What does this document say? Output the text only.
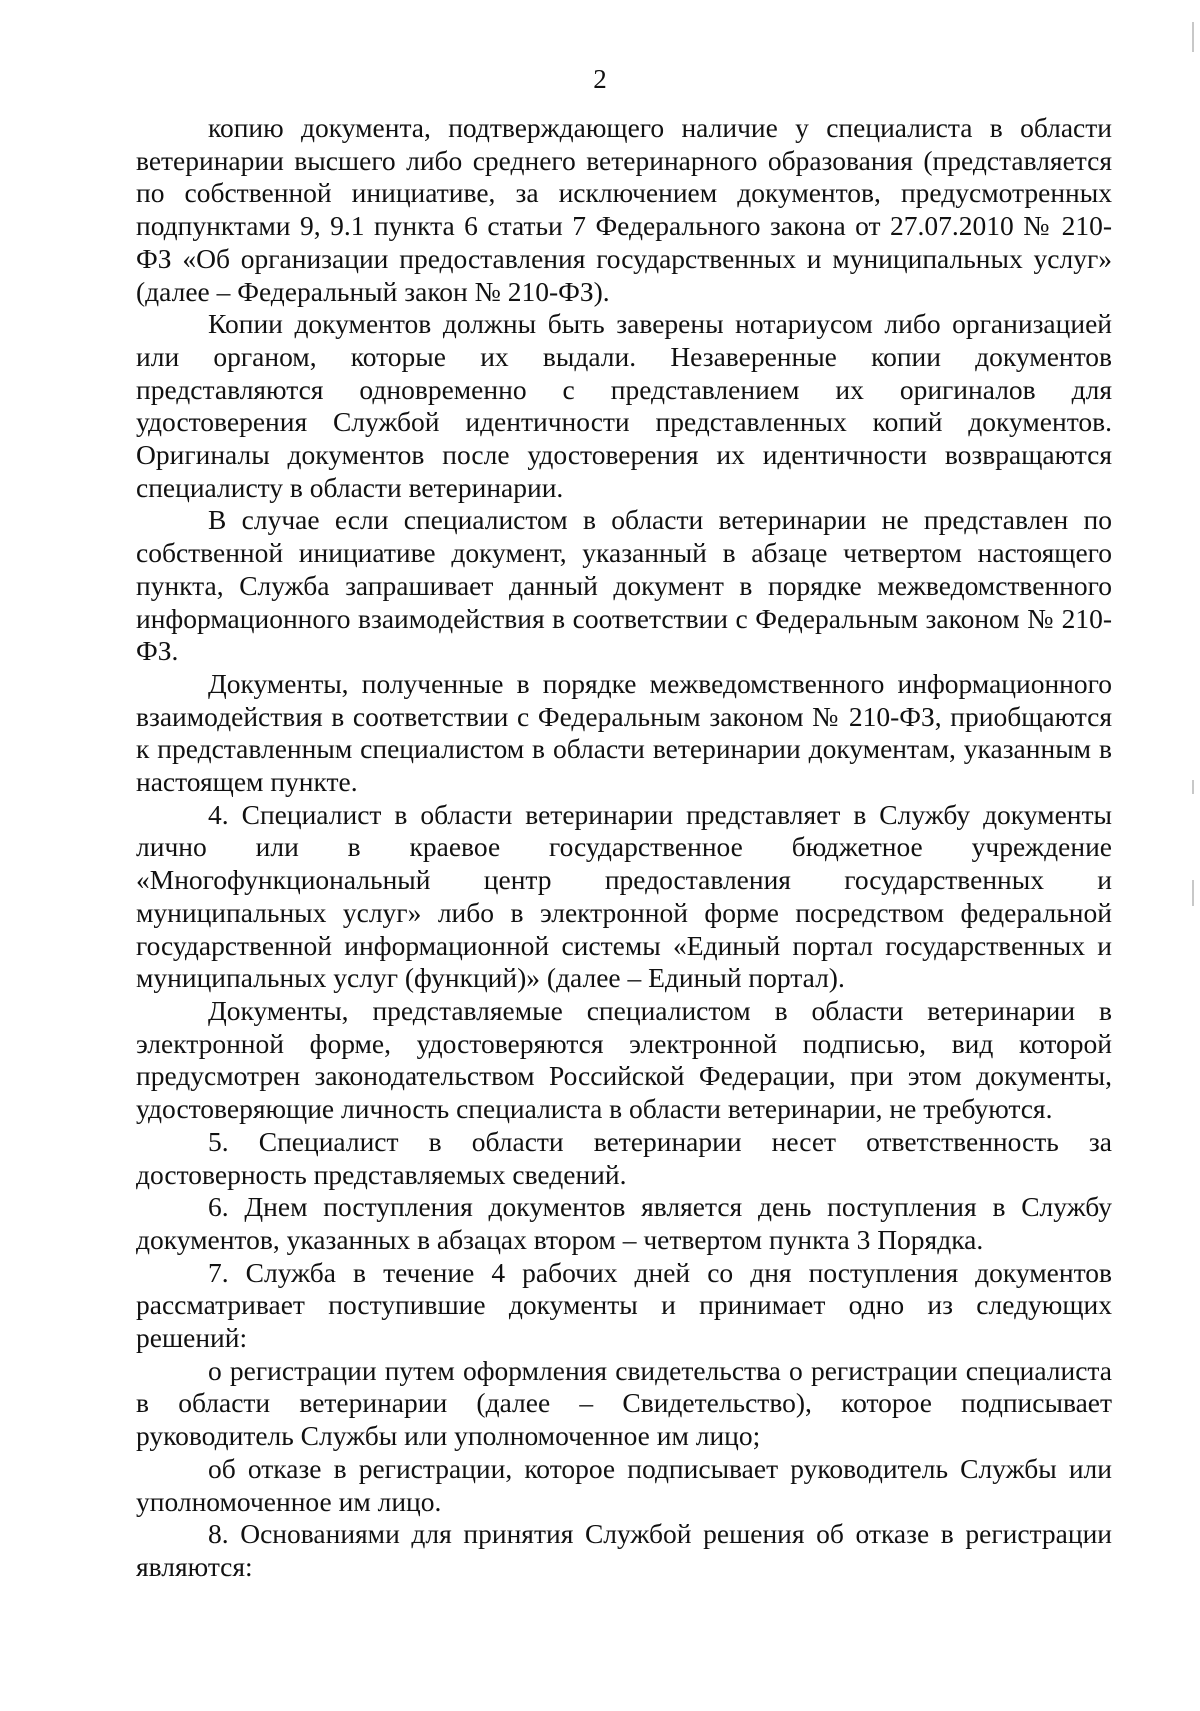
2

копию документа, подтверждающего наличие у специалиста в области ветеринарии высшего либо среднего ветеринарного образования (представляется по собственной инициативе, за исключением документов, предусмотренных подпунктами 9, 9.1 пункта 6 статьи 7 Федерального закона от 27.07.2010 № 210-ФЗ «Об организации предоставления государственных и муниципальных услуг» (далее – Федеральный закон № 210-ФЗ).

Копии документов должны быть заверены нотариусом либо организацией или органом, которые их выдали. Незаверенные копии документов представляются одновременно с представлением их оригиналов для удостоверения Службой идентичности представленных копий документов. Оригиналы документов после удостоверения их идентичности возвращаются специалисту в области ветеринарии.

В случае если специалистом в области ветеринарии не представлен по собственной инициативе документ, указанный в абзаце четвертом настоящего пункта, Служба запрашивает данный документ в порядке межведомственного информационного взаимодействия в соответствии с Федеральным законом № 210-ФЗ.

Документы, полученные в порядке межведомственного информационного взаимодействия в соответствии с Федеральным законом № 210-ФЗ, приобщаются к представленным специалистом в области ветеринарии документам, указанным в настоящем пункте.

4. Специалист в области ветеринарии представляет в Службу документы лично или в краевое государственное бюджетное учреждение «Многофункциональный центр предоставления государственных и муниципальных услуг» либо в электронной форме посредством федеральной государственной информационной системы «Единый портал государственных и муниципальных услуг (функций)» (далее – Единый портал).

Документы, представляемые специалистом в области ветеринарии в электронной форме, удостоверяются электронной подписью, вид которой предусмотрен законодательством Российской Федерации, при этом документы, удостоверяющие личность специалиста в области ветеринарии, не требуются.

5. Специалист в области ветеринарии несет ответственность за достоверность представляемых сведений.

6. Днем поступления документов является день поступления в Службу документов, указанных в абзацах втором – четвертом пункта 3 Порядка.

7. Служба в течение 4 рабочих дней со дня поступления документов рассматривает поступившие документы и принимает одно из следующих решений:

о регистрации путем оформления свидетельства о регистрации специалиста в области ветеринарии (далее – Свидетельство), которое подписывает руководитель Службы или уполномоченное им лицо;

об отказе в регистрации, которое подписывает руководитель Службы или уполномоченное им лицо.

8. Основаниями для принятия Службой решения об отказе в регистрации являются:
